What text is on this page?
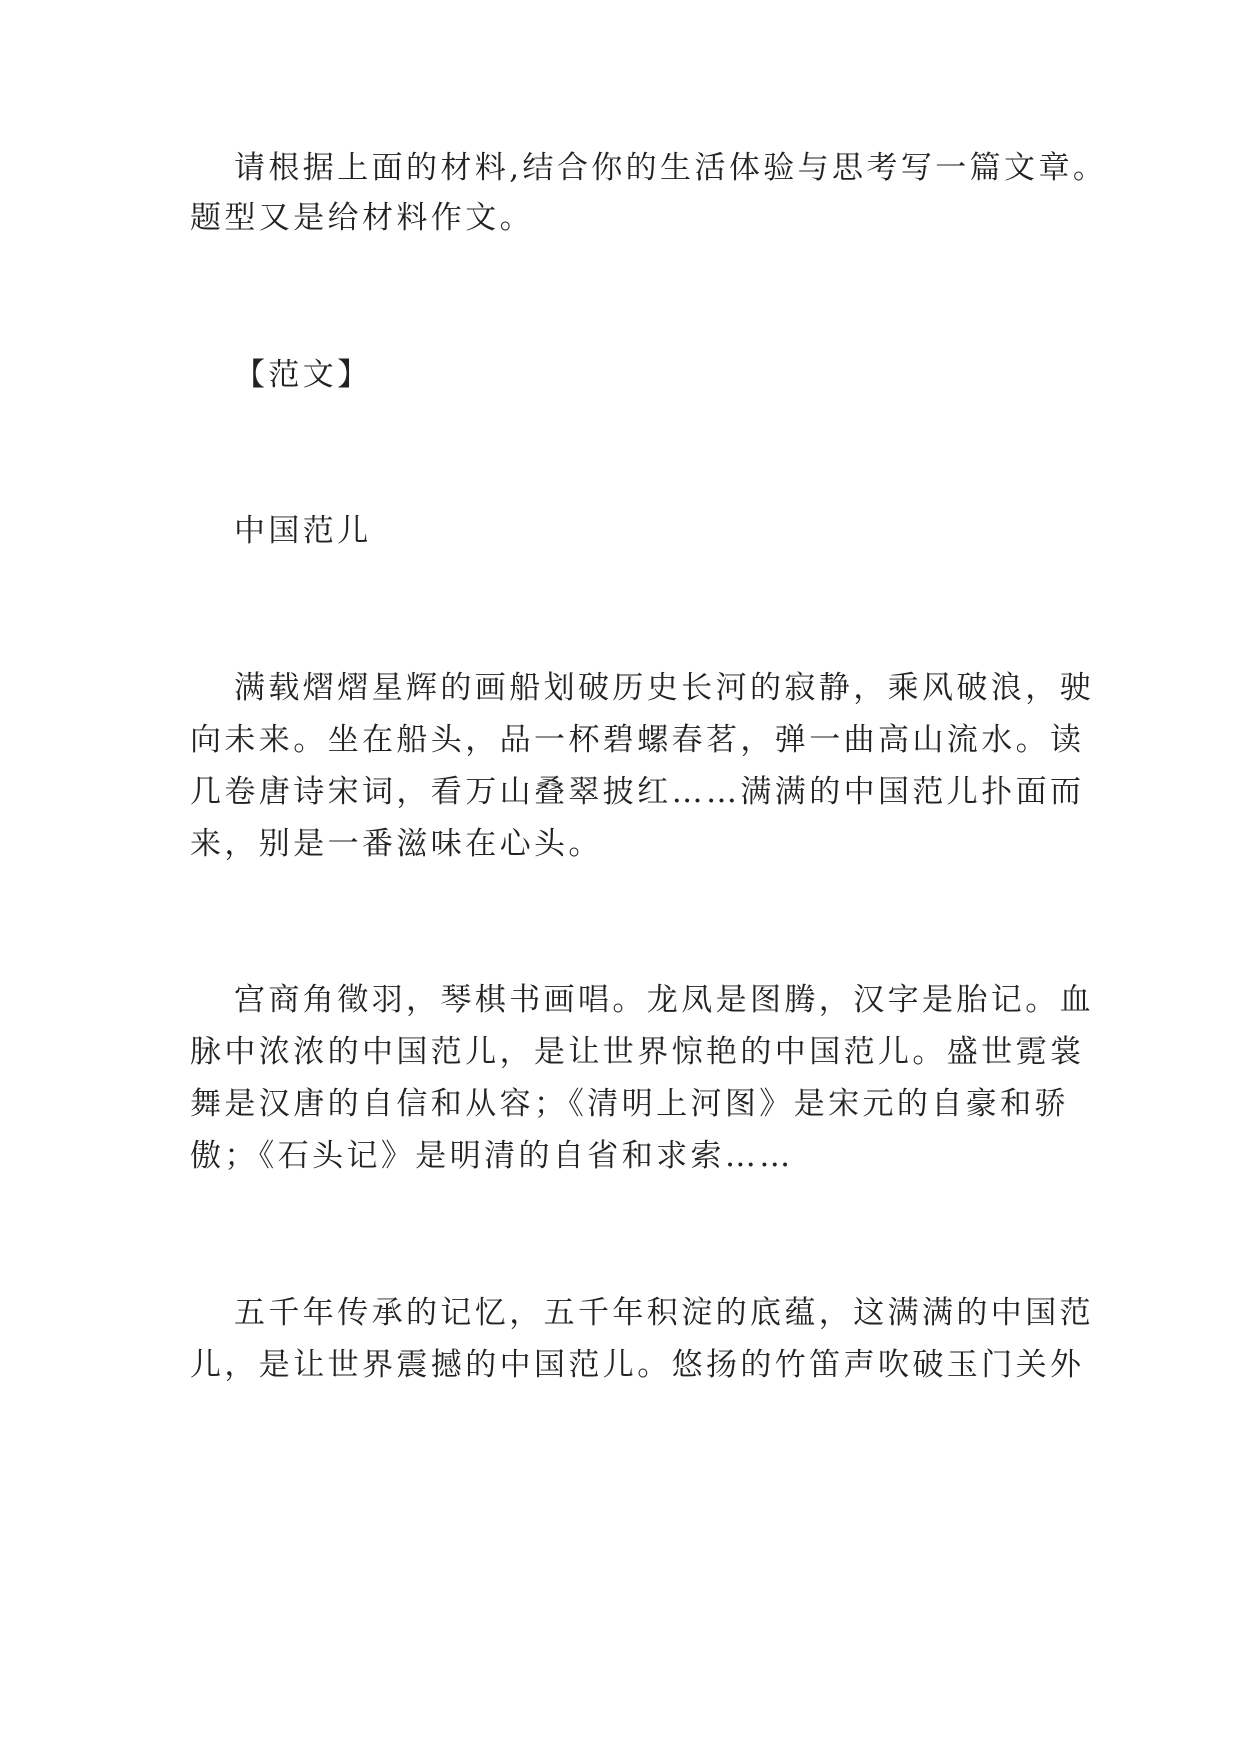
请根据上面的材料,结合你的生活体验与思考写一篇文章。
题型又是给材料作文。
【范文】
中国范儿
满载熠熠星辉的画船划破历史长河的寂静，乘风破浪，驶
向未来。坐在船头，品一杯碧螺春茗，弹一曲高山流水。读
几卷唐诗宋词，看万山叠翠披红……满满的中国范儿扑面而
来，别是一番滋味在心头。
宫商角徵羽，琴棋书画唱。龙凤是图腾，汉字是胎记。血
脉中浓浓的中国范儿，是让世界惊艳的中国范儿。盛世霓裳
舞是汉唐的自信和从容；《清明上河图》是宋元的自豪和骄
傲；《石头记》是明清的自省和求索……
五千年传承的记忆，五千年积淀的底蕴，这满满的中国范
儿，是让世界震撼的中国范儿。悠扬的竹笛声吹破玉门关外
